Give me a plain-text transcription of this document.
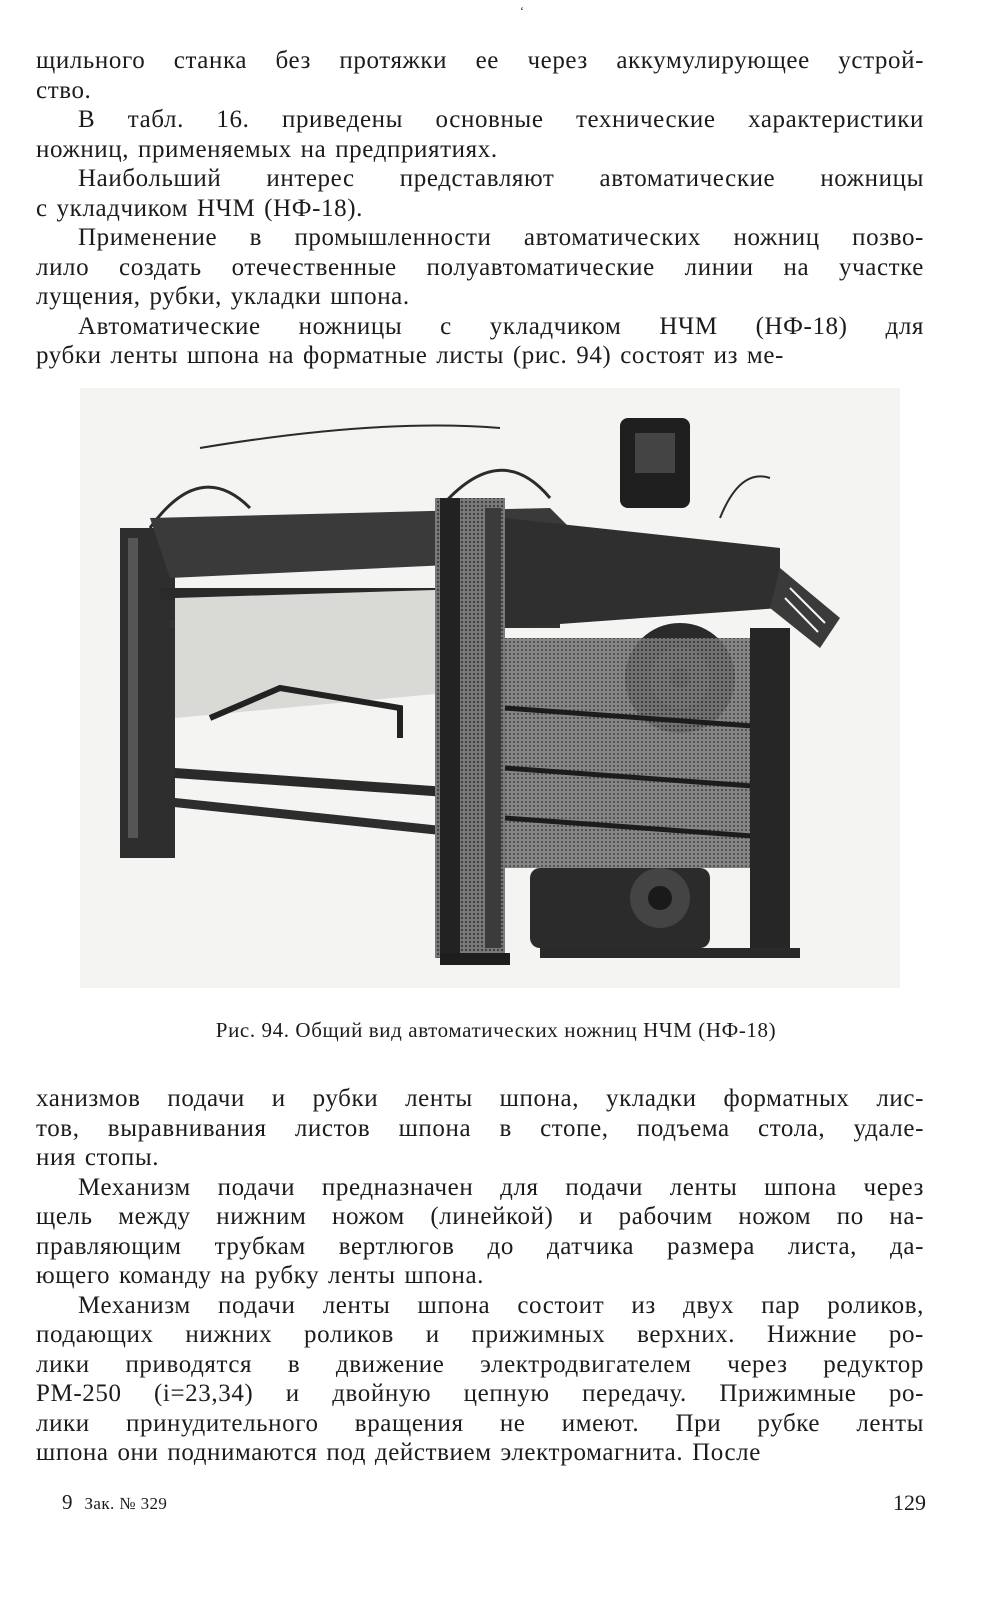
‘
щильного станка без протяжки ее через аккумулирующее устрой-
ство.
В табл. 16. приведены основные технические характеристики
ножниц, применяемых на предприятиях.
Наибольший интерес представляют автоматические ножницы
с укладчиком НЧМ (НФ-18).
Применение в промышленности автоматических ножниц позво-
лило создать отечественные полуавтоматические линии на участке
лущения, рубки, укладки шпона.
Автоматические ножницы с укладчиком НЧМ (НФ-18) для
рубки ленты шпона на форматные листы (рис. 94) состоят из ме-
Рис. 94. Общий вид автоматических ножниц НЧМ (НФ-18)
ханизмов подачи и рубки ленты шпона, укладки форматных лис-
тов, выравнивания листов шпона в стопе, подъема стола, удале-
ния стопы.
Механизм подачи предназначен для подачи ленты шпона через
щель между нижним ножом (линейкой) и рабочим ножом по на-
правляющим трубкам вертлюгов до датчика размера листа, да-
ющего команду на рубку ленты шпона.
Механизм подачи ленты шпона состоит из двух пар роликов,
подающих нижних роликов и прижимных верхних. Нижние ро-
лики приводятся в движение электродвигателем через редуктор
РМ-250 (i=23,34) и двойную цепную передачу. Прижимные ро-
лики принудительного вращения не имеют. При рубке ленты
шпона они поднимаются под действием электромагнита. После
9 Зак. № 329	129
